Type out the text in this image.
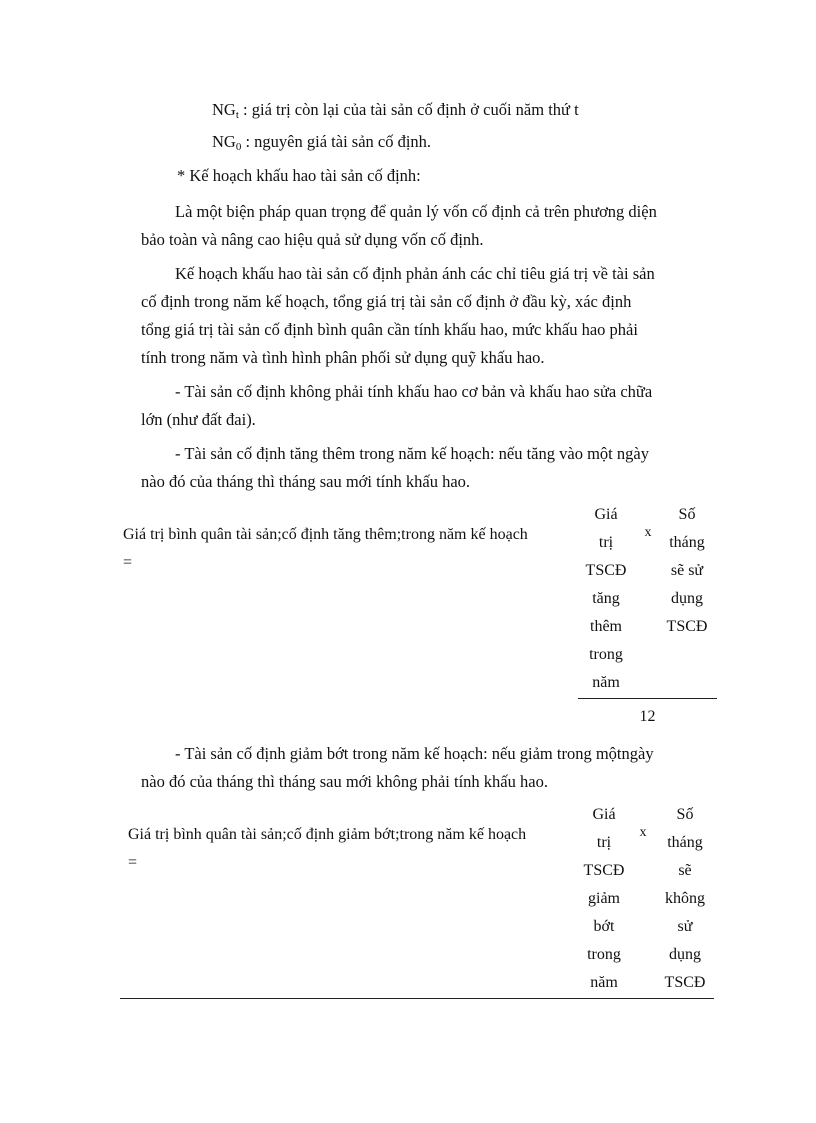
$NG_t$ : giá trị còn lại của tài sản cố định ở cuối năm thứ t
$NG_0$ : nguyên giá tài sản cố định.
* Kế hoạch khấu hao tài sản cố định:
Là một biện pháp quan trọng để quản lý vốn cố định cả trên phương diện
bảo toàn và nâng cao hiệu quả sử dụng vốn cố định.
Kế hoạch khấu hao tài sản cố định phản ánh các chỉ tiêu giá trị về tài sản
cố định trong năm kế hoạch, tổng giá trị tài sản cố định ở đầu kỳ, xác định
tổng giá trị tài sản cố định bình quân cần tính khấu hao, mức khấu hao phải
tính trong năm và tình hình phân phối sử dụng quỹ khấu hao.
- Tài sản cố định không phải tính khấu hao cơ bản và khấu hao sửa chữa
lớn (như đất đai).
- Tài sản cố định tăng thêm trong năm kế hoạch: nếu tăng vào một ngày
nào đó của tháng thì tháng sau mới tính khấu hao.
Giá trị bình quân tài sản;cố định tăng thêm;trong năm kế hoạch
=
Giá
trị
TSCĐ
tăng
thêm
trong
năm
x
Số
tháng
sẽ sử
dụng
TSCĐ
12
- Tài sản cố định giảm bớt trong năm kế hoạch: nếu giảm trong mộtngày
nào đó của tháng thì tháng sau mới không phải tính khấu hao.
Giá trị bình quân tài sản;cố định giảm bớt;trong năm kế hoạch
=
Giá
trị
TSCĐ
giảm
bớt
trong
năm
x
Số
tháng
sẽ
không
sử
dụng
TSCĐ
